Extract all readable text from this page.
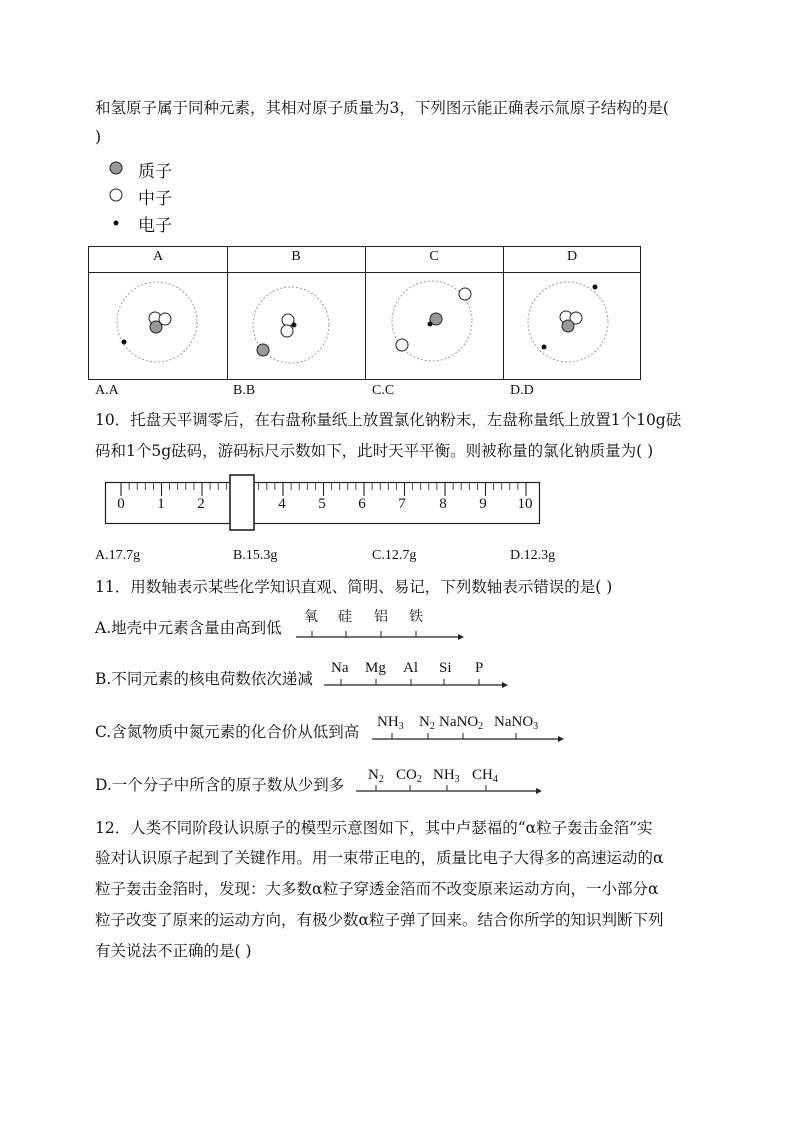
和氢原子属于同种元素，其相对原子质量为3，下列图示能正确表示氚原子结构的是(
)
质子
中子
电子
A	B	C	D
A.A	B.B	C.C	D.D
10．托盘天平调零后，在右盘称量纸上放置氯化钠粉末，左盘称量纸上放置1个10g砝
码和1个5g砝码，游码标尺示数如下，此时天平平衡。则被称量的氯化钠质量为( )
0 1 2	4 5 6 7 8 9	10
A.17.7g	B.15.3g	C.12.7g	D.12.3g
11．用数轴表示某些化学知识直观、简明、易记，下列数轴表示错误的是( )
A.地壳中元素含量由高到低
氧 硅 铝 铁
B.不同元素的核电荷数依次递减
Na Mg Al Si P
C.含氮物质中氮元素的化合价从低到高
$NH_3$ $N_2$ NaNO$_2$ NaNO$_3$
D.一个分子中所含的原子数从少到多
$N_2$ $CO_2$ $NH_3$ $CH_4$
12．人类不同阶段认识原子的模型示意图如下，其中卢瑟福的“α粒子轰击金箔”实
验对认识原子起到了关键作用。用一束带正电的，质量比电子大得多的高速运动的α
粒子轰击金箔时，发现：大多数α粒子穿透金箔而不改变原来运动方向，一小部分α
粒子改变了原来的运动方向，有极少数α粒子弹了回来。结合你所学的知识判断下列
有关说法不正确的是( )
